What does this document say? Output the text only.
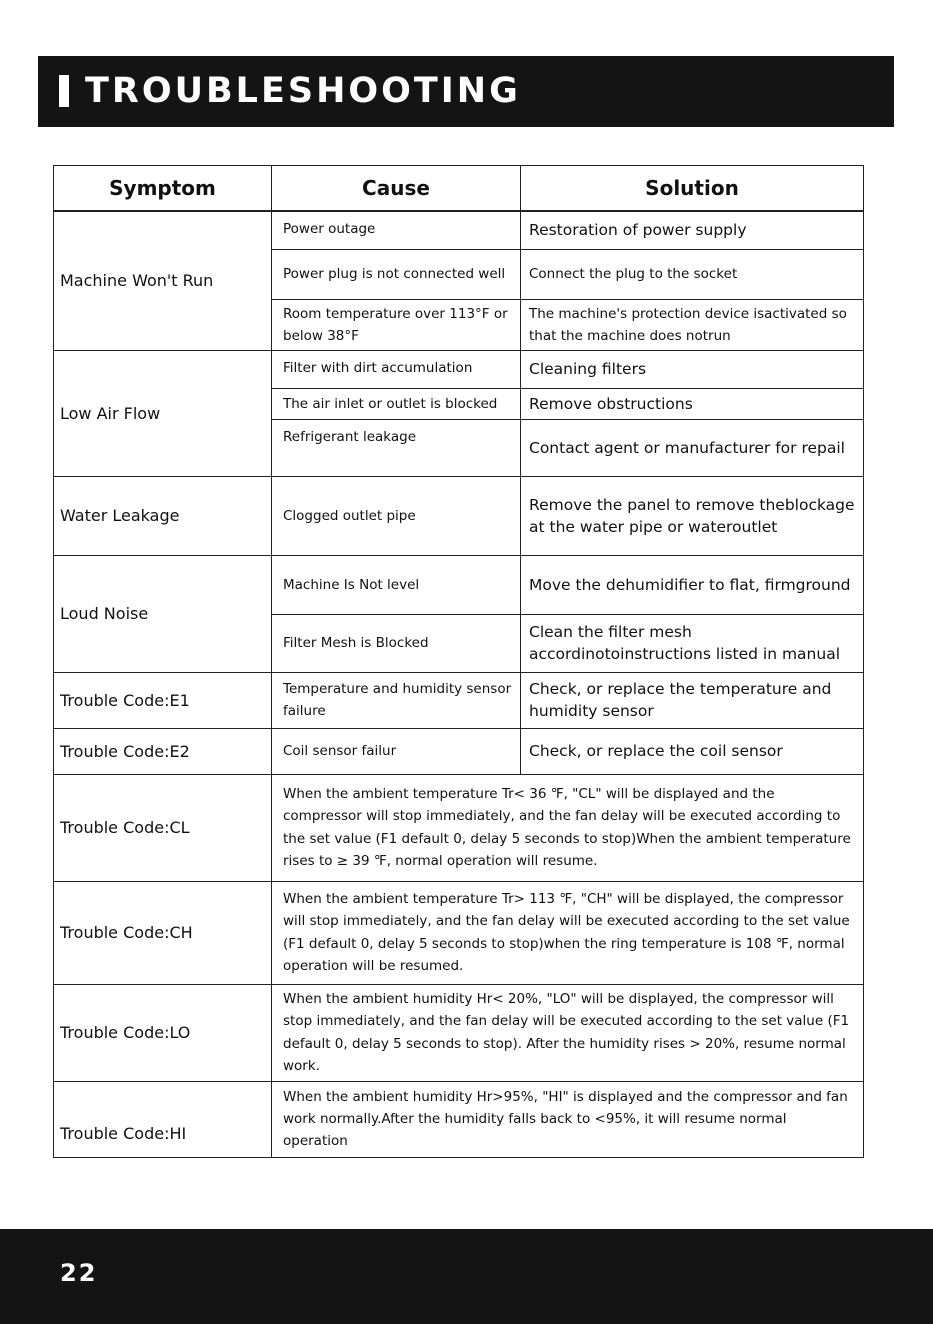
TROUBLESHOOTING
Symptom	Cause	Solution
Machine Won't Run	Power outage	Restoration of power supply
	Power plug is not connected well	Connect the plug to the socket
	Room temperature over 113°F or below 38°F	The machine's protection device isactivated so that the machine does notrun
Low Air Flow	Filter with dirt accumulation	Cleaning filters
	The air inlet or outlet is blocked	Remove obstructions
	Refrigerant leakage	Contact agent or manufacturer for repail
Water Leakage	Clogged outlet pipe	Remove the panel to remove theblockage at the water pipe or wateroutlet
Loud Noise	Machine Is Not level	Move the dehumidifier to flat, firmground
	Filter Mesh is Blocked	Clean the filter mesh accordinotoinstructions listed in manual
Trouble Code:E1	Temperature and humidity sensor failure	Check, or replace the temperature and humidity sensor
Trouble Code:E2	Coil sensor failur	Check, or replace the coil sensor
Trouble Code:CL	When the ambient temperature Tr< 36 ℉, "CL" will be displayed and the compressor will stop immediately, and the fan delay will be executed according to the set value (F1 default 0, delay 5 seconds to stop)When the ambient temperature rises to ≥ 39 ℉, normal operation will resume.	
Trouble Code:CH	When the ambient temperature Tr> 113 ℉, "CH" will be displayed, the compressor will stop immediately, and the fan delay will be executed according to the set value (F1 default 0, delay 5 seconds to stop)when the ring temperature is 108 ℉, normal operation will be resumed.	
Trouble Code:LO	When the ambient humidity Hr< 20%, "LO" will be displayed, the compressor will stop immediately, and the fan delay will be executed according to the set value (F1 default 0, delay 5 seconds to stop). After the humidity rises > 20%, resume normal work.	
Trouble Code:HI	When the ambient humidity Hr>95%, "HI" is displayed and the compressor and fan work normally.After the humidity falls back to <95%, it will resume normal operation	
22
